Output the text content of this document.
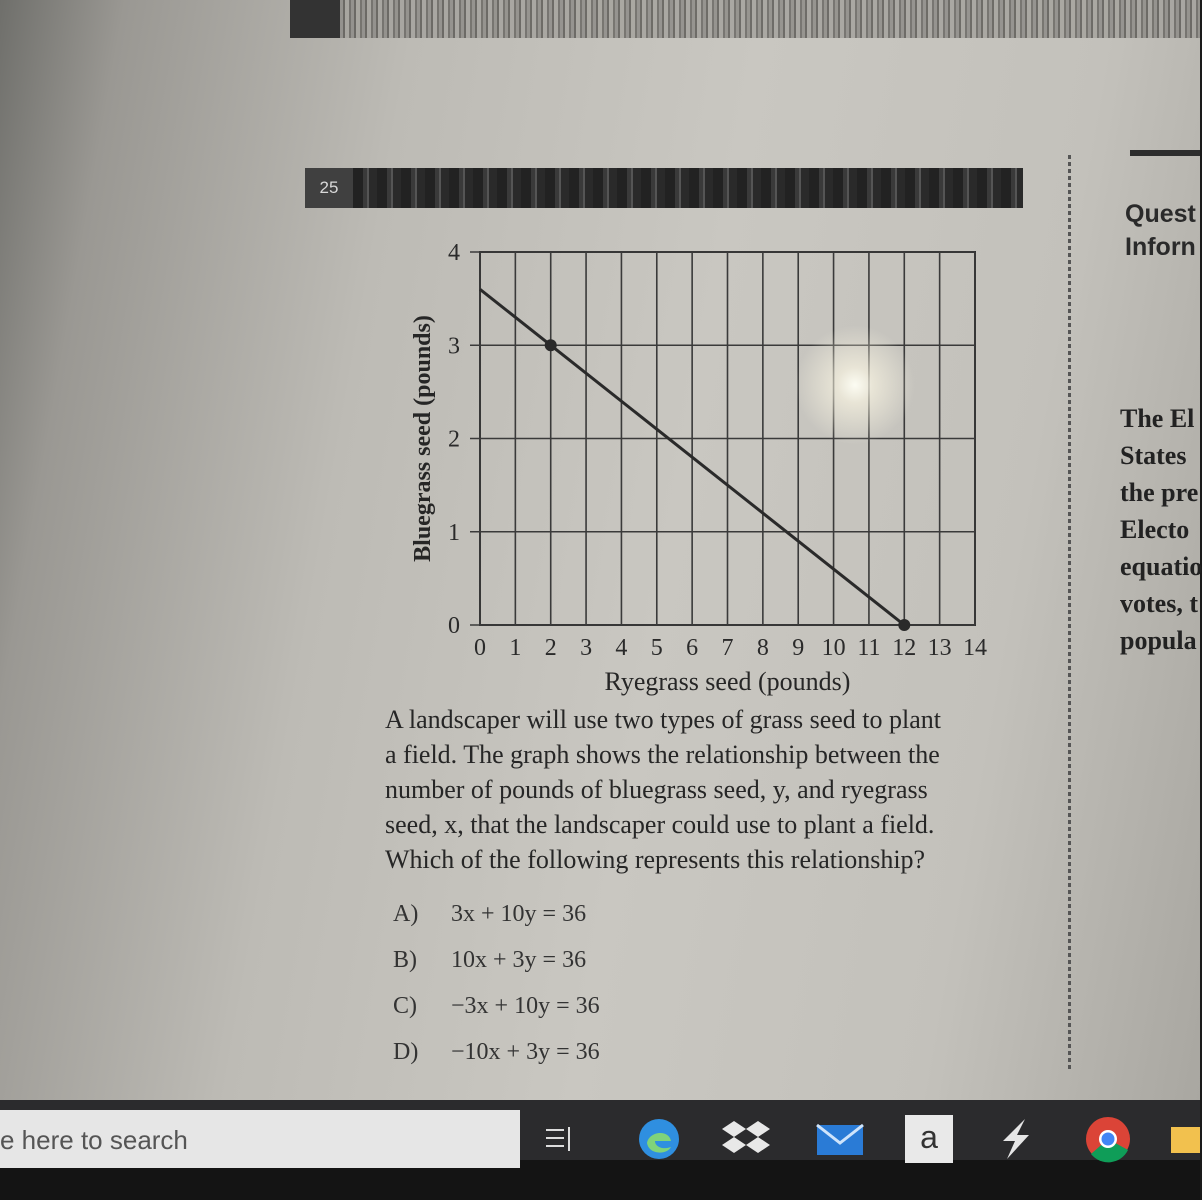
25
Quest
Inforn
The El
States
the pre
Electo
equatio
votes, t
popula
0 1 2 3 4 5 6 7 8 9 10 11 12 13 14
0
1
2
3
4
Ryegrass seed (pounds)
Bluegrass seed (pounds)

A landscaper will use two types of grass seed to plant

a field. The graph shows the relationship between the

number of pounds of bluegrass seed, y, and ryegrass

seed, x, that the landscaper could use to plant a field.

Which of the following represents this relationship?

A) 3x + 10y = 36
B) 10x + 3y = 36
C) −3x + 10y = 36
D) −10x + 3y = 36
e here to search	a
